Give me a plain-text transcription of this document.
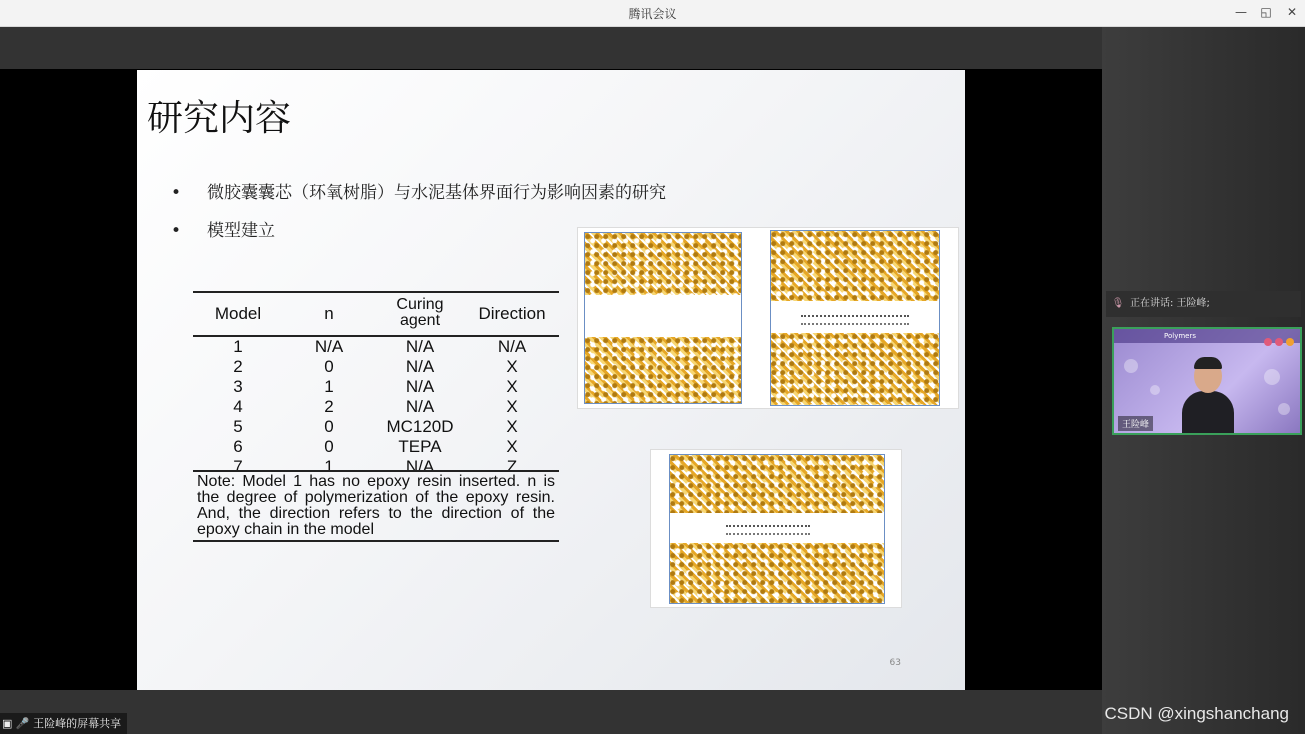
腾讯会议	— ◱	✕
研究内容
• 微胶囊囊芯（环氧树脂）与水泥基体界面行为影响因素的研究
• 模型建立
Model	n	Curing agent	Direction
1	N/A	N/A	N/A
2	0	N/A	X
3	1	N/A	X
4	2	N/A	X
5	0	MC120D	X
6	0	TEPA	X
7	1	N/A	Z
Note: Model 1 has no epoxy resin inserted. n is the degree of polymerization of the epoxy resin. And, the direction refers to the direction of the epoxy chain in the model
63
🎙 正在讲话: 王险峰;
Polymers
王险峰
▣ 🎤 王险峰的屏幕共享
CSDN @xingshanchang
